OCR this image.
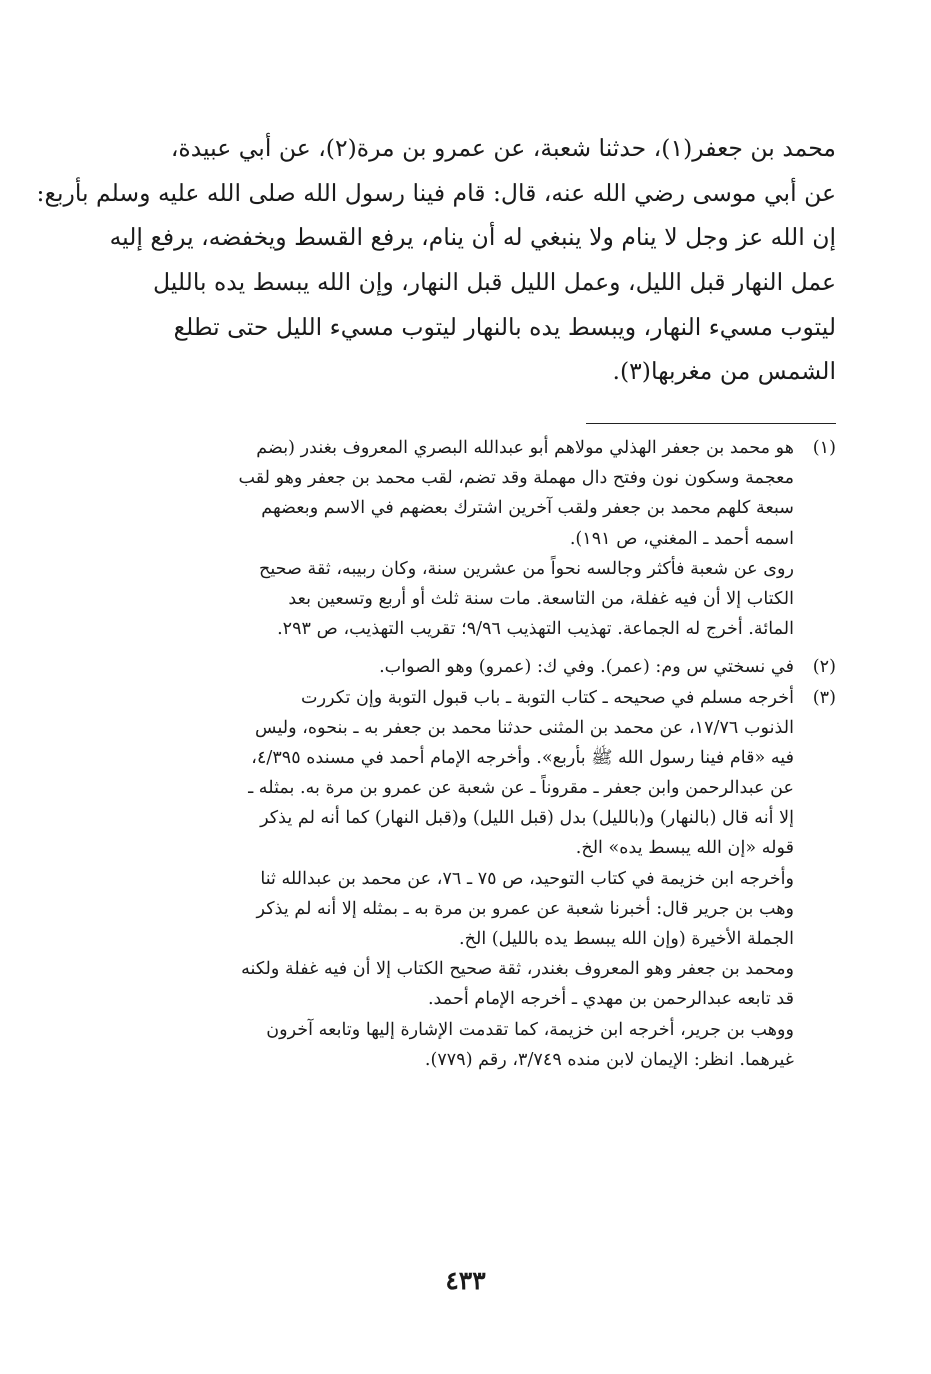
محمد بن جعفر(١)، حدثنا شعبة، عن عمرو بن مرة(٢)، عن أبي عبيدة،
عن أبي موسى رضي الله عنه، قال: قام فينا رسول الله صلى الله عليه وسلم بأربع:
إن الله عز وجل لا ينام ولا ينبغي له أن ينام، يرفع القسط ويخفضه، يرفع إليه
عمل النهار قبل الليل، وعمل الليل قبل النهار، وإن الله يبسط يده بالليل
ليتوب مسيء النهار، ويبسط يده بالنهار ليتوب مسيء الليل حتى تطلع
الشمس من مغربها(٣).
(١)
هو محمد بن جعفر الهذلي مولاهم أبو عبدالله البصري المعروف بغندر (بضم
معجمة وسكون نون وفتح دال مهملة وقد تضم، لقب محمد بن جعفر وهو لقب
سبعة كلهم محمد بن جعفر ولقب آخرين اشترك بعضهم في الاسم وبعضهم
اسمه أحمد ـ المغني، ص ١٩١).
روى عن شعبة فأكثر وجالسه نحواً من عشرين سنة، وكان ربيبه، ثقة صحيح
الكتاب إلا أن فيه غفلة، من التاسعة. مات سنة ثلث أو أربع وتسعين بعد
المائة. أخرج له الجماعة. تهذيب التهذيب ٩/٩٦؛ تقريب التهذيب، ص ٢٩٣.
(٢)
في نسختي س وم: (عمر). وفي ك: (عمرو) وهو الصواب.
(٣)
أخرجه مسلم في صحيحه ـ كتاب التوبة ـ باب قبول التوبة وإن تكررت
الذنوب ١٧/٧٦، عن محمد بن المثنى حدثنا محمد بن جعفر به ـ بنحوه، وليس
فيه «قام فينا رسول الله ﷺ بأربع». وأخرجه الإمام أحمد في مسنده ٤/٣٩٥،
عن عبدالرحمن وابن جعفر ـ مقروناً ـ عن شعبة عن عمرو بن مرة به. بمثله ـ
إلا أنه قال (بالنهار) و(بالليل) بدل (قبل الليل) و(قبل النهار) كما أنه لم يذكر
قوله «إن الله يبسط يده» الخ.
وأخرجه ابن خزيمة في كتاب التوحيد، ص ٧٥ ـ ٧٦، عن محمد بن عبدالله ثنا
وهب بن جرير قال: أخبرنا شعبة عن عمرو بن مرة به ـ بمثله إلا أنه لم يذكر
الجملة الأخيرة (وإن الله يبسط يده بالليل) الخ.
ومحمد بن جعفر وهو المعروف بغندر، ثقة صحيح الكتاب إلا أن فيه غفلة ولكنه
قد تابعه عبدالرحمن بن مهدي ـ أخرجه الإمام أحمد.
ووهب بن جرير، أخرجه ابن خزيمة، كما تقدمت الإشارة إليها وتابعه آخرون
غيرهما. انظر: الإيمان لابن منده ٣/٧٤٩، رقم (٧٧٩).
٤٣٣
